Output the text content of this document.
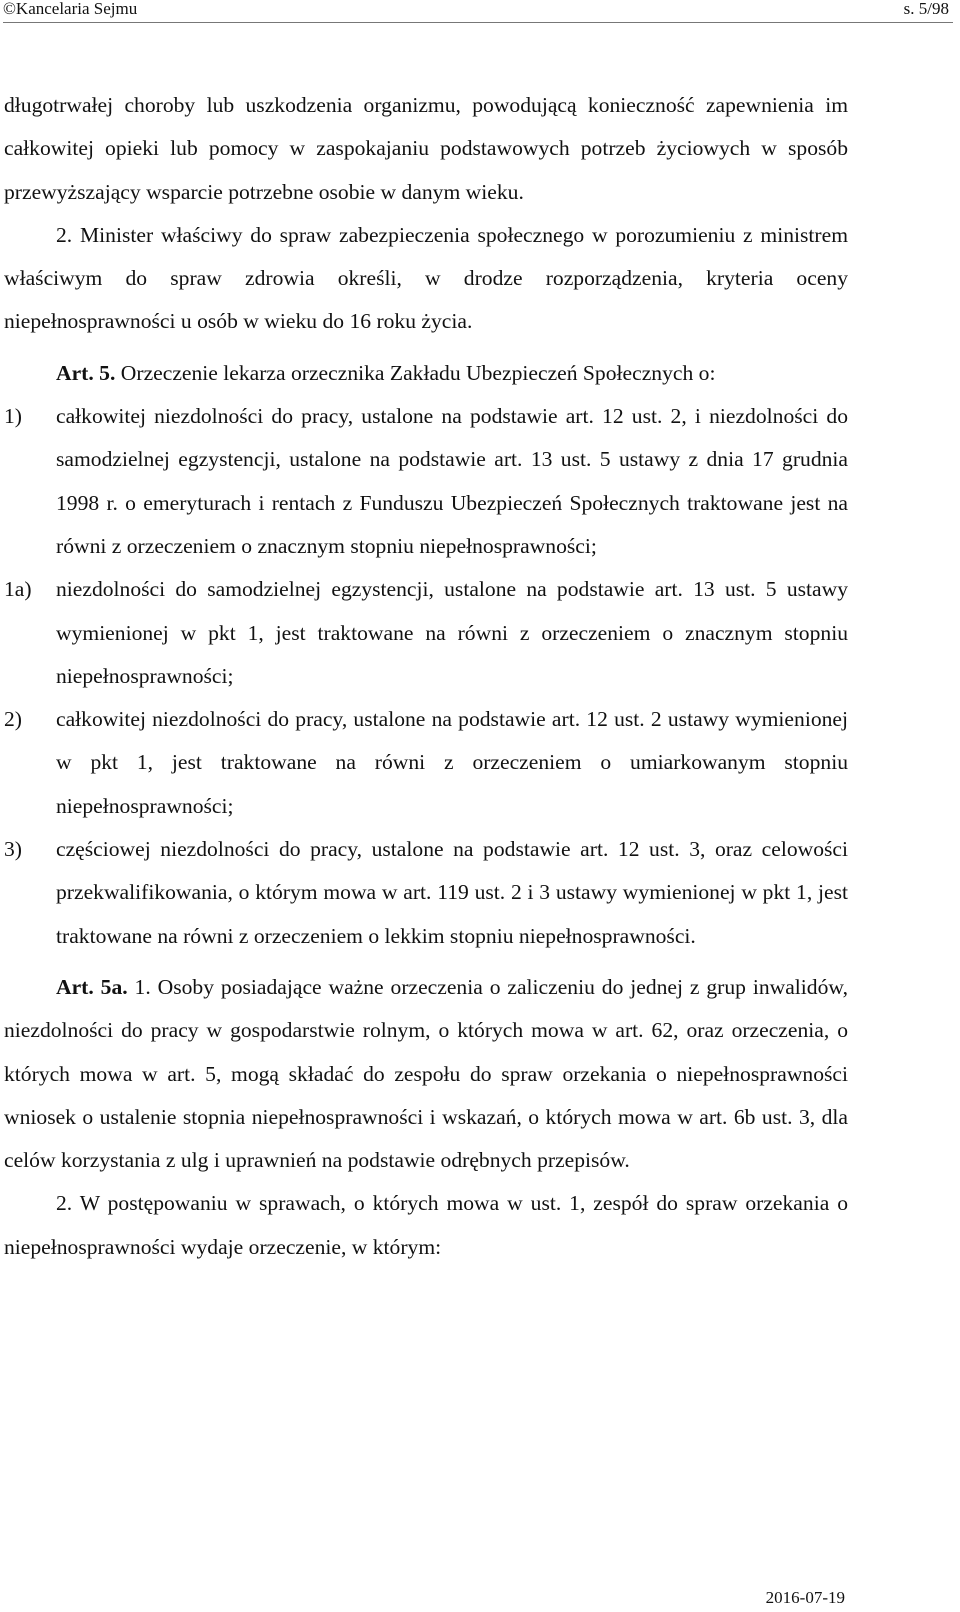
©Kancelaria Sejmu	s. 5/98

długotrwałej choroby lub uszkodzenia organizmu, powodującą konieczność zapewnienia im całkowitej opieki lub pomocy w zaspokajaniu podstawowych potrzeb życiowych w sposób przewyższający wsparcie potrzebne osobie w danym wieku.

2. Minister właściwy do spraw zabezpieczenia społecznego w porozumieniu z ministrem właściwym do spraw zdrowia określi, w drodze rozporządzenia, kryteria oceny niepełnosprawności u osób w wieku do 16 roku życia.

Art. 5. Orzeczenie lekarza orzecznika Zakładu Ubezpieczeń Społecznych o:

1)	całkowitej niezdolności do pracy, ustalone na podstawie art. 12 ust. 2, i niezdolności do samodzielnej egzystencji, ustalone na podstawie art. 13 ust. 5 ustawy z dnia 17 grudnia 1998 r. o emeryturach i rentach z Funduszu Ubezpieczeń Społecznych traktowane jest na równi z orzeczeniem o znacznym stopniu niepełnosprawności;
1a)	niezdolności do samodzielnej egzystencji, ustalone na podstawie art. 13 ust. 5 ustawy wymienionej w pkt 1, jest traktowane na równi z orzeczeniem o znacznym stopniu niepełnosprawności;
2)	całkowitej niezdolności do pracy, ustalone na podstawie art. 12 ust. 2 ustawy wymienionej w pkt 1, jest traktowane na równi z orzeczeniem o umiarkowanym stopniu niepełnosprawności;
3)	częściowej niezdolności do pracy, ustalone na podstawie art. 12 ust. 3, oraz celowości przekwalifikowania, o którym mowa w art. 119 ust. 2 i 3 ustawy wymienionej w pkt 1, jest traktowane na równi z orzeczeniem o lekkim stopniu niepełnosprawności.

Art. 5a. 1. Osoby posiadające ważne orzeczenia o zaliczeniu do jednej z grup inwalidów, niezdolności do pracy w gospodarstwie rolnym, o których mowa w art. 62, oraz orzeczenia, o których mowa w art. 5, mogą składać do zespołu do spraw orzekania o niepełnosprawności wniosek o ustalenie stopnia niepełnosprawności i wskazań, o których mowa w art. 6b ust. 3, dla celów korzystania z ulg i uprawnień na podstawie odrębnych przepisów.

2. W postępowaniu w sprawach, o których mowa w ust. 1, zespół do spraw orzekania o niepełnosprawności wydaje orzeczenie, w którym:

2016-07-19
